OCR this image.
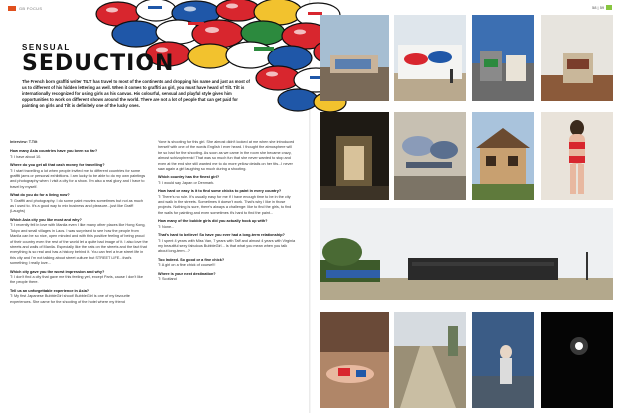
GB FOCUS	58 | 59
SENSUAL
SEDUCTION
The French born graffiti writer TILT has travel to most of the continents and dropping his name and just as most of us to different of his hidden lettering as well. When it comes to graffiti as girl, you must have heard of Tilt. Tilt is internationally recognized for using girls as his canvas. His colourful, sensual and playful style gives him opportunities to work on different shows around the world. There are not a lot of people that can get paid for painting on girls and Tilt is definitely one of the lucky ones.
Interview: T.Tilt
How many Asia countries have you been so far?
T: I have about 10.
Where do you get all that cash money for travelling?
T: I start travelling a lot when people invited me to different countries for some graffiti jams or personal exhibitions. I am lucky to be able to do my own paintings and photography when I visit a city for a show. I'm also a real glory and I have to travel by myself.
What do you do for a living now?
T: Graffiti and photography. I do some paint movies sometimes but not as much as I used to. It's a good way to mix business and pleasure...just like Graff! (Laughs)
Which Asia city you like most and why?
T: I recently fell in love with Manila even I like many other places like Hong Kong, Tokyo and small villages in Laos. I was surprised to see how the people from Manila can be so nice, open minded and with this positive feeling of being proud of their country even the rest of the world let a quite bad image of it. I also love the streets and walls of Manila. Especially like the rats on the streets and the fact that everything is so real and has a history behind it. You can feel a true street life in this city and I'm not talking about street culture but STREET LIFE...that's something I really love...
Which city gave you the worst impression and why?
T: I don't find a city that gave me this feeling yet, except Paris, cause I don't like the people there.
Tell us an unforgettable experience in Asia?
T: My first Japanese BubbleGirl shoot! BubbleGirl is one of my favourite experiences. She came for the shooting of the hotel where my friend
Yone is shooting for this girl. She almost didn't looked at me when she introduced herself with one of the words English I ever heard. I thought the atmosphere will be so bad for the shooting. As soon as we came in the room she became crazy, almost schizophrenic! That was so much fun that she never wanted to stop and even at the end she still wanted me to do more yellow details on her tits...I never saw again a girl laughing so much during a shooting.
Which country has the finest girl?
T: I would say Japan or Denmark.
How hard or easy is it to find some chicks to paint in every country?
T: There's no rule. It's usually easy for me if I have enough time to be in the city and walk in the streets. Sometimes it doesn't work. That's why I like in those projects. Nothing is sure, there's always a challenge: like to find the girls, to find the walls for painting and even sometimes it's hard to find the paint...
How many of the bubble girls did you actually hook up with?
T: None...
That's hard to believe! So have you ever had a long-term relationship?
T: I spent 4 years with Miss Van, 7 years with Taff and almost 4 years with Virginia my beautiful sexy fabulous BubbleGirl... Is that what you mean when you talk about long-term...?
Too Indeed. So good or a fine chick?
T: A girl on a fine chick of course!!!
Where is your next destination?
T: Scotland
